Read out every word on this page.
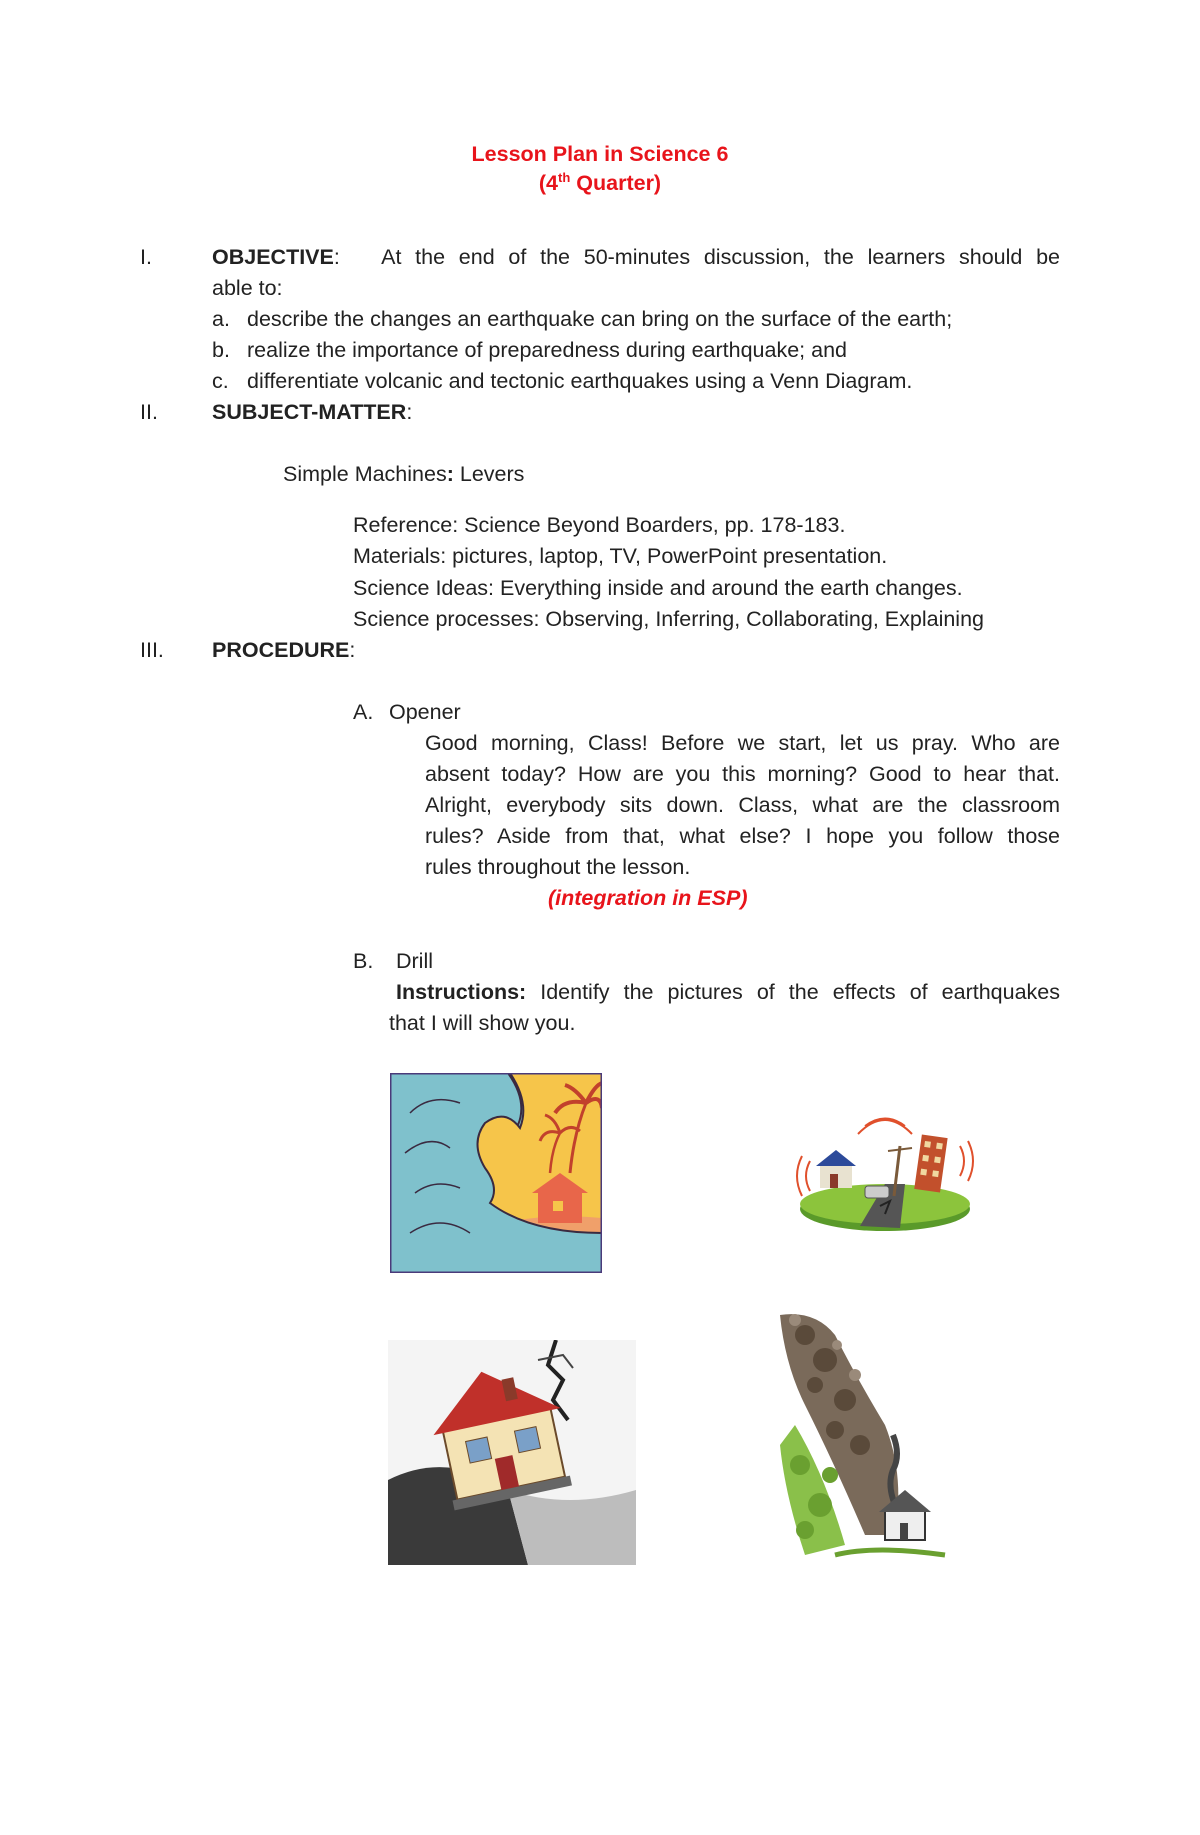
Lesson Plan in Science 6
(4th Quarter)
I.	OBJECTIVE: At the end of the 50-minutes discussion, the learners should be
able to:
a. describe the changes an earthquake can bring on the surface of the earth;
b. realize the importance of preparedness during earthquake; and
c. differentiate volcanic and tectonic earthquakes using a Venn Diagram.
II.	SUBJECT-MATTER:
Simple Machines: Levers
Reference: Science Beyond Boarders, pp. 178-183.
Materials: pictures, laptop, TV, PowerPoint presentation.
Science Ideas: Everything inside and around the earth changes.
Science processes: Observing, Inferring, Collaborating, Explaining
III. PROCEDURE:
A. Opener
Good morning, Class! Before we start, let us pray. Who are
absent today? How are you this morning? Good to hear that.
Alright, everybody sits down. Class, what are the classroom
rules? Aside from that, what else? I hope you follow those
rules throughout the lesson.
(integration in ESP)
B. Drill
Instructions: Identify the pictures of the effects of earthquakes
that I will show you.
